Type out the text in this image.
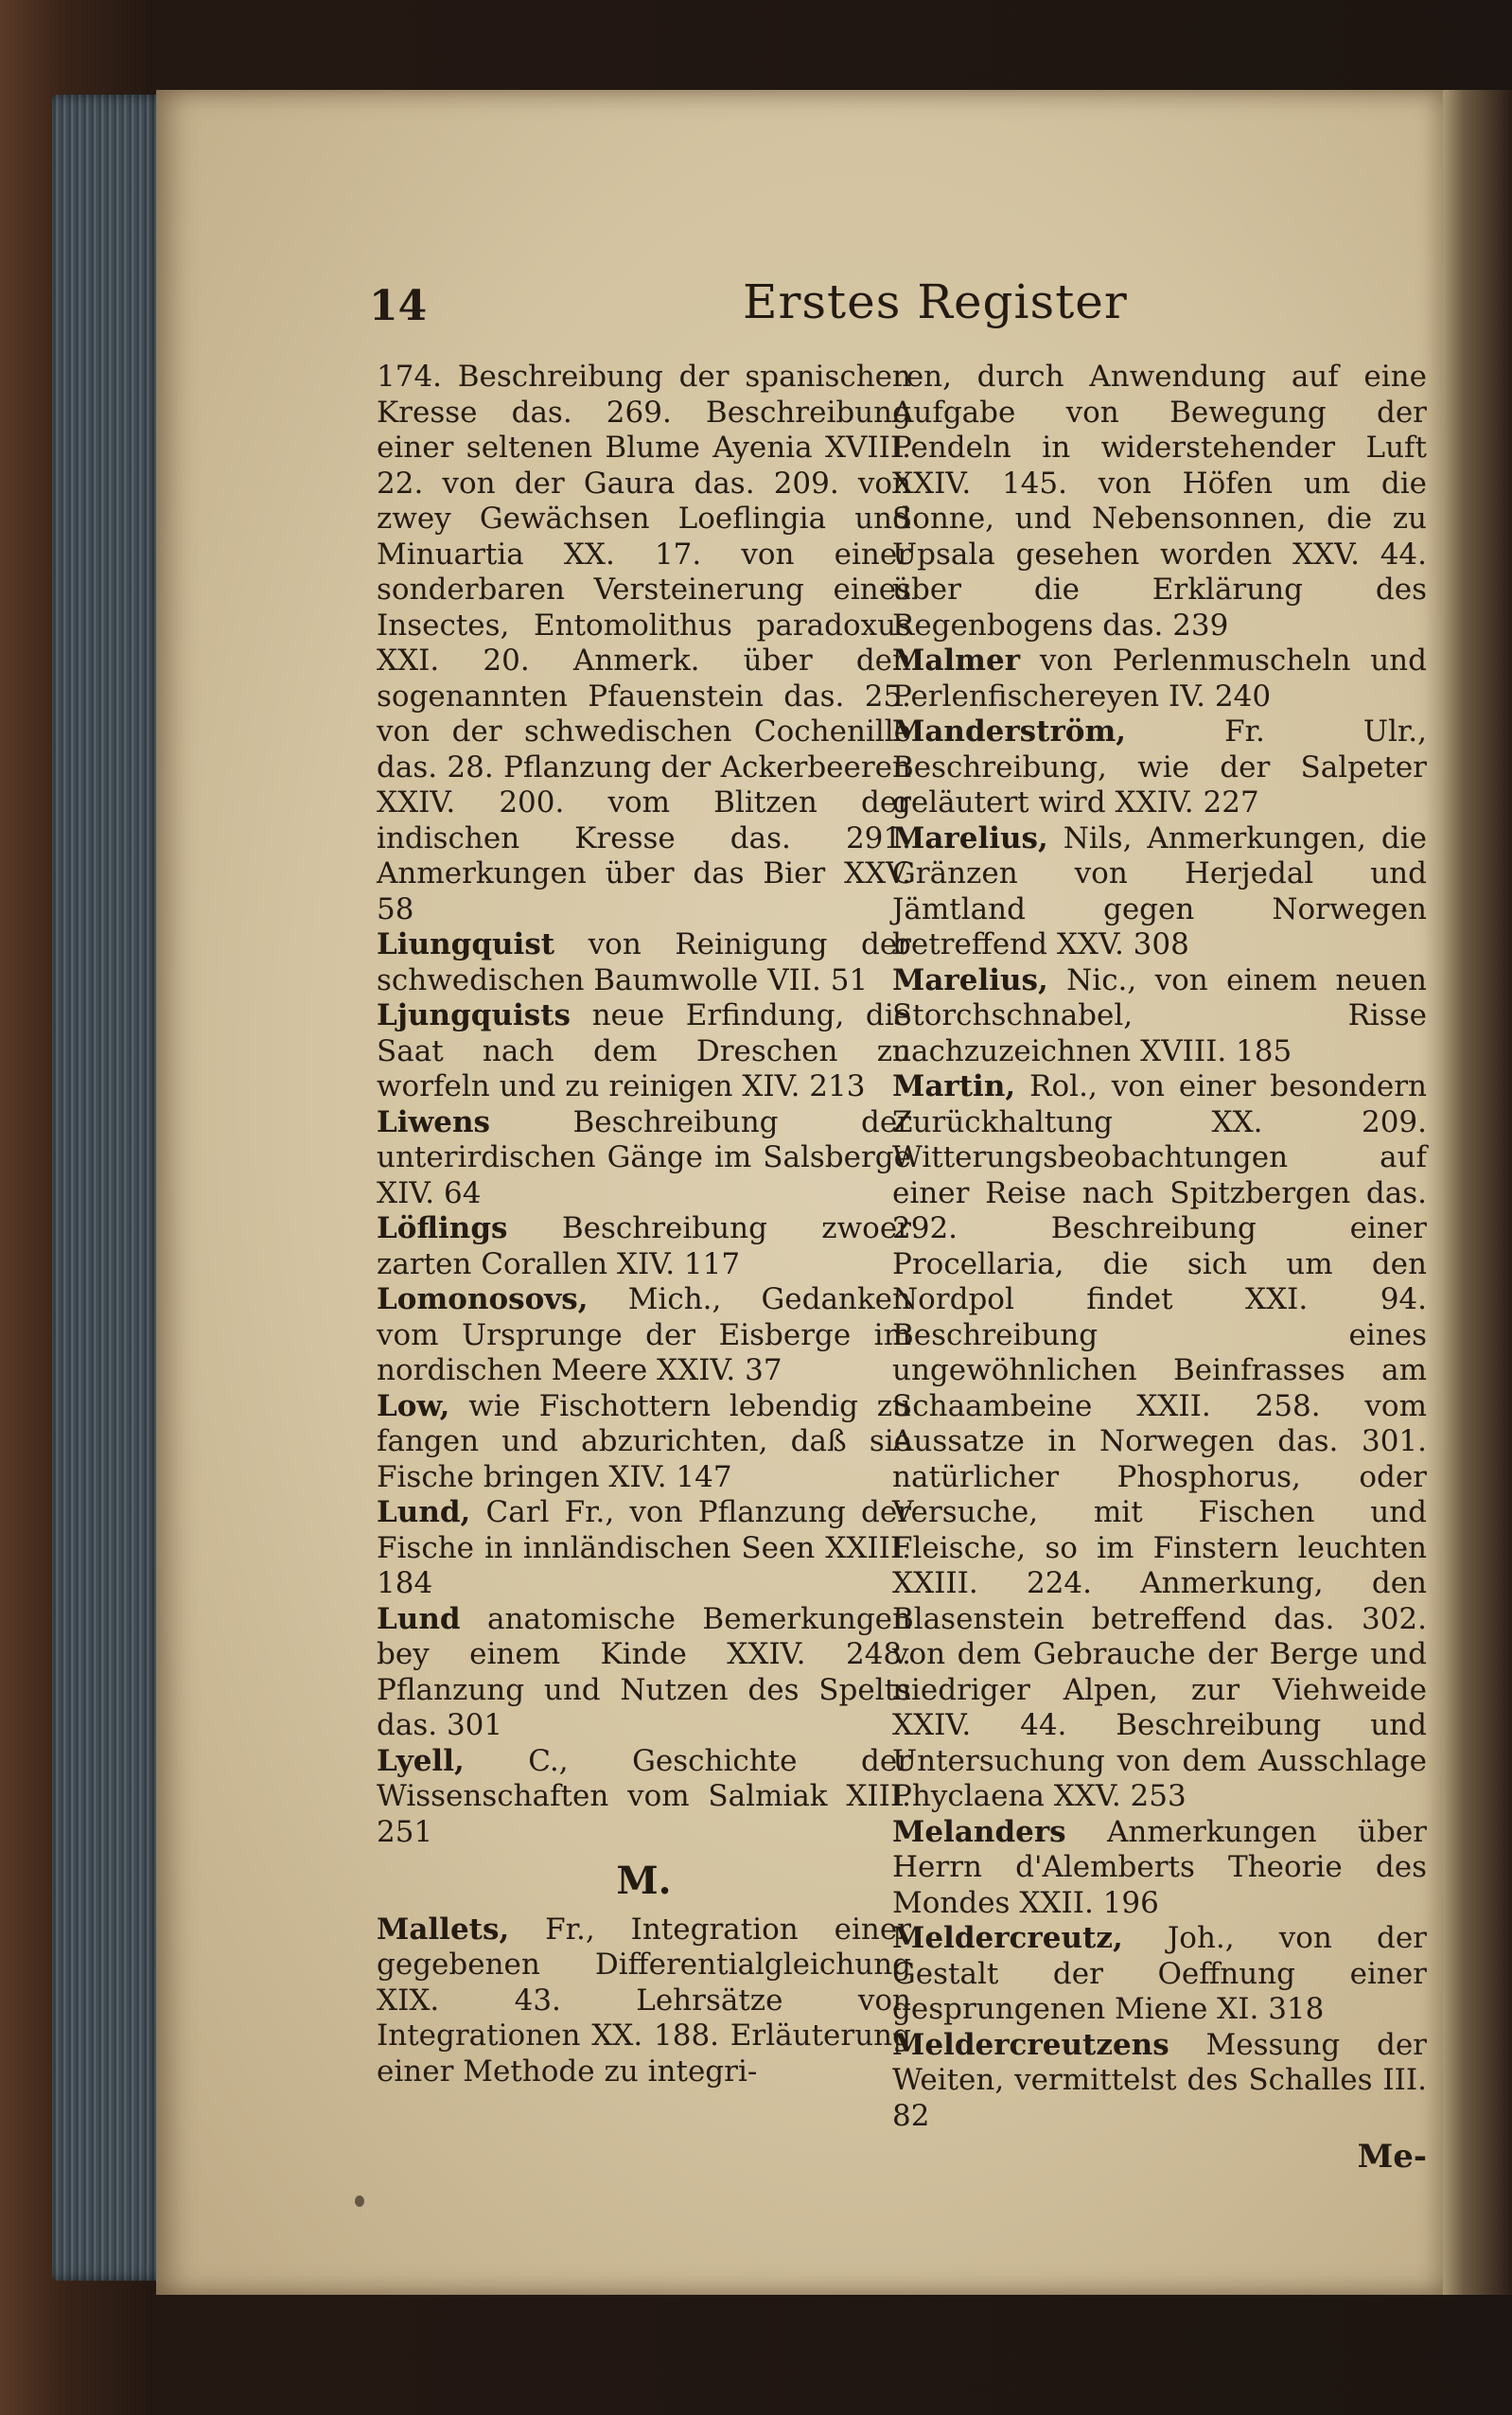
14	Erstes Register

174. Beschreibung der spanischen Kresse das. 269. Beschreibung einer seltenen Blume Ayenia XVIII. 22. von der Gaura das. 209. von zwey Gewächsen Loeflingia und Minuartia XX. 17. von einer sonderbaren Versteinerung eines Insectes, Entomolithus paradoxus XXI. 20. Anmerk. über den sogenannten Pfauenstein das. 25. von der schwedischen Cochenille das. 28. Pflanzung der Ackerbeeren XXIV. 200. vom Blitzen der indischen Kresse das. 291. Anmerkungen über das Bier XXV. 58

Liungquist von Reinigung der schwedischen Baumwolle VII. 51

Ljungquists neue Erfindung, die Saat nach dem Dreschen zu worfeln und zu reinigen XIV. 213

Liwens	Beschreibung der unterirdischen Gänge im Salsberge XIV. 64

Löflings Beschreibung zwoer zarten Corallen XIV. 117

Lomonosovs, Mich., Gedanken vom Ursprunge der Eisberge im nordischen Meere XXIV. 37

Low, wie Fischottern lebendig zu fangen und abzurichten, daß sie Fische bringen XIV. 147

Lund, Carl Fr., von Pflanzung der Fische in innländischen Seen XXIII. 184

Lund anatomische Bemerkungen bey einem Kinde XXIV. 248. Pflanzung und Nutzen des Spelts das. 301

Lyell, C., Geschichte der Wissenschaften vom Salmiak XIII. 251

M.

Mallets, Fr., Integration einer gegebenen Differentialgleichung XIX. 43. Lehrsätze von Integrationen XX. 188. Erläuterung einer Methode zu integri-

ren, durch Anwendung auf eine Aufgabe von Bewegung der Pendeln in widerstehender Luft XXIV. 145. von Höfen um die Sonne, und Nebensonnen, die zu Upsala gesehen worden XXV. 44. über die Erklärung des Regenbogens das. 239

Malmer von Perlenmuscheln und Perlenfischereyen IV. 240

Manderström,	Fr. Ulr., Beschreibung, wie der Salpeter geläutert wird XXIV. 227

Marelius, Nils, Anmerkungen, die Gränzen von Herjedal und Jämtland gegen Norwegen betreffend XXV. 308

Marelius, Nic., von einem neuen Storchschnabel, Risse nachzuzeichnen XVIII. 185

Martin, Rol., von einer besondern Zurückhaltung XX. 209. Witterungsbeobachtungen auf einer Reise nach Spitzbergen das. 292. Beschreibung einer Procellaria, die sich um den Nordpol findet XXI. 94. Beschreibung eines ungewöhnlichen Beinfrasses am Schaambeine XXII. 258. vom Aussatze in Norwegen das. 301. natürlicher Phosphorus, oder Versuche, mit Fischen und Fleische, so im Finstern leuchten XXIII. 224. Anmerkung, den Blasenstein betreffend das. 302. von dem Gebrauche der Berge und niedriger Alpen, zur Viehweide XXIV. 44. Beschreibung und Untersuchung von dem Ausschlage Phyclaena XXV. 253

Melanders Anmerkungen über Herrn d'Alemberts Theorie des Mondes XXII. 196

Meldercreutz, Joh., von der Gestalt der Oeffnung einer gesprungenen Miene XI. 318

Meldercreutzens Messung der Weiten, vermittelst des Schalles III. 82

Me-
